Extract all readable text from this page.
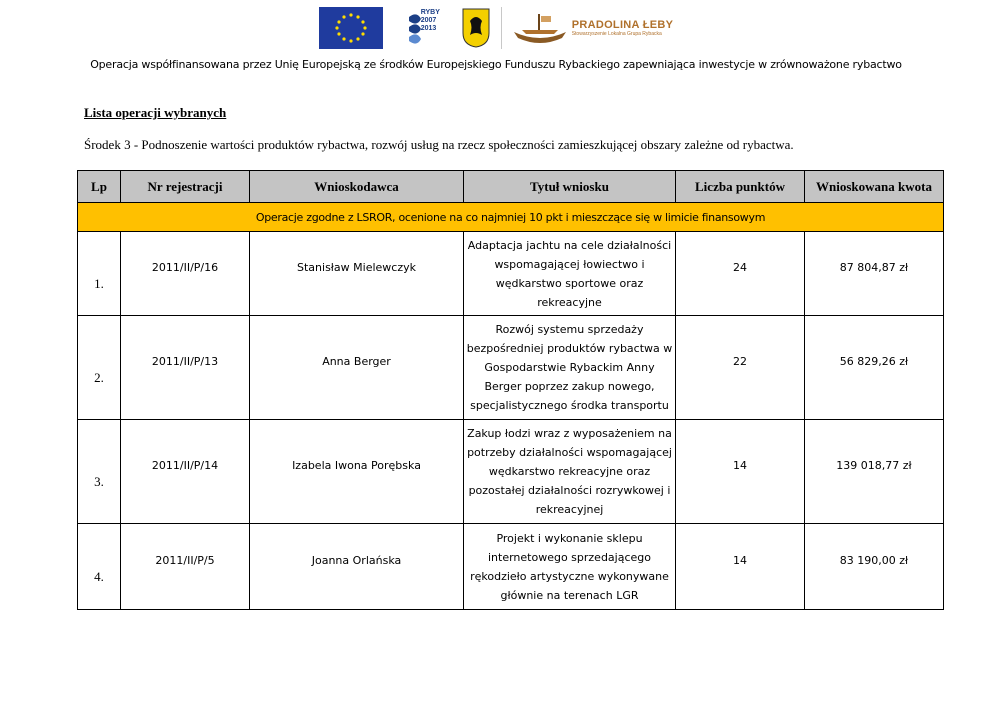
RYBY
2007
2013	PRADOLINA ŁEBY
Stowarzyszenie Lokalna Grupa Rybacka
Operacja współfinansowana przez Unię Europejską ze środków Europejskiego Funduszu Rybackiego zapewniająca inwestycje w zrównoważone rybactwo
Lista operacji wybranych
Środek 3 - Podnoszenie wartości produktów rybactwa, rozwój usług na rzecz społeczności zamieszkującej obszary zależne od rybactwa.
Lp	Nr rejestracji	Wnioskodawca	Tytuł wniosku	Liczba punktów	Wnioskowana kwota
Operacje zgodne z LSROR, ocenione na co najmniej 10 pkt i mieszczące się w limicie finansowym					
1.	2011/II/P/16	Stanisław Mielewczyk	Adaptacja jachtu na cele działalności wspomagającej łowiectwo i wędkarstwo sportowe oraz rekreacyjne	24	87 804,87 zł
2.	2011/II/P/13	Anna Berger	Rozwój systemu sprzedaży bezpośredniej produktów rybactwa w Gospodarstwie Rybackim Anny Berger poprzez zakup nowego, specjalistycznego środka transportu	22	56 829,26 zł
3.	2011/II/P/14	Izabela Iwona Porębska	Zakup łodzi wraz z wyposażeniem na potrzeby działalności wspomagającej wędkarstwo rekreacyjne oraz pozostałej działalności rozrywkowej i rekreacyjnej	14	139 018,77 zł
4.	2011/II/P/5	Joanna Orlańska	Projekt i wykonanie sklepu internetowego sprzedającego rękodzieło artystyczne wykonywane głównie na terenach LGR	14	83 190,00 zł
